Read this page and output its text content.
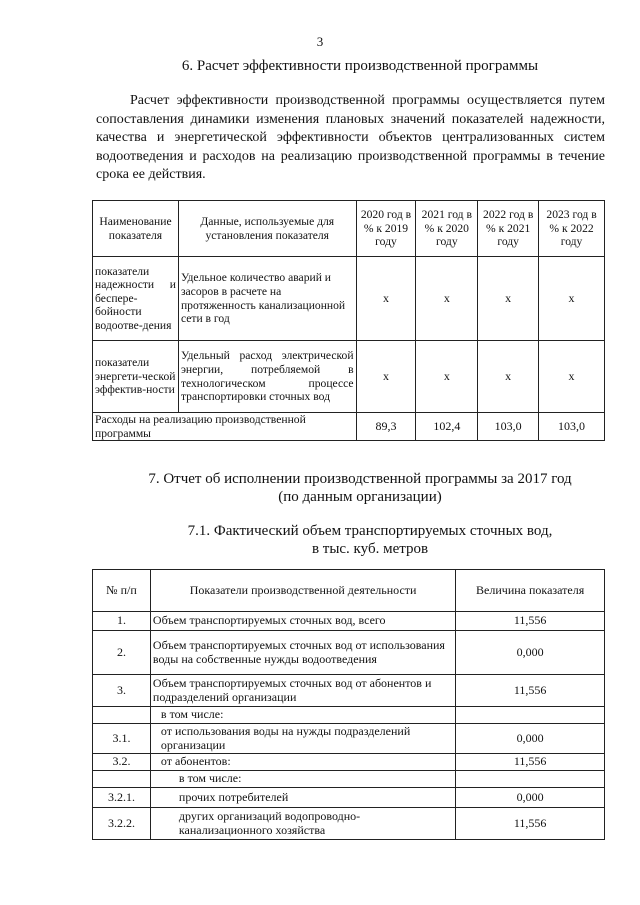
3
6. Расчет эффективности производственной программы
Расчет эффективности производственной программы осуществляется путем сопоставления динамики изменения плановых значений показателей надежности, качества и энергетической эффективности объектов централизованных систем водоотведения и расходов на реализацию производственной программы в течение срока ее действия.
Наименование показателя	Данные, используемые для установления показателя	2020 год в % к 2019 году	2021 год в % к 2020 году	2022 год в % к 2021 году	2023 год в % к 2022 году
показатели надежности и беспере-бойности водоотве-дения	Удельное количество аварий и засоров в расчете на протяженность канализационной сети в год	х	х	х	х
показатели энергети-ческой эффектив-ности	Удельный расход электрической энергии, потребляемой в технологическом процессе транспортировки сточных вод	х	х	х	х
Расходы на реализацию производственной программы		89,3	102,4	103,0	103,0
7. Отчет об исполнении производственной программы за 2017 год
(по данным организации)
7.1. Фактический объем транспортируемых сточных вод,
в тыс. куб. метров
№ п/п	Показатели производственной деятельности	Величина показателя
1.	Объем транспортируемых сточных вод, всего	11,556
2.	Объем транспортируемых сточных вод от использования воды на собственные нужды водоотведения	0,000
3.	Объем транспортируемых сточных вод от абонентов и подразделений организации	11,556
	в том числе:	
3.1.	от использования воды на нужды подразделений организации	0,000
3.2.	от абонентов:	11,556
	в том числе:	
3.2.1.	прочих потребителей	0,000
3.2.2.	других организаций водопроводно-канализационного хозяйства	11,556
